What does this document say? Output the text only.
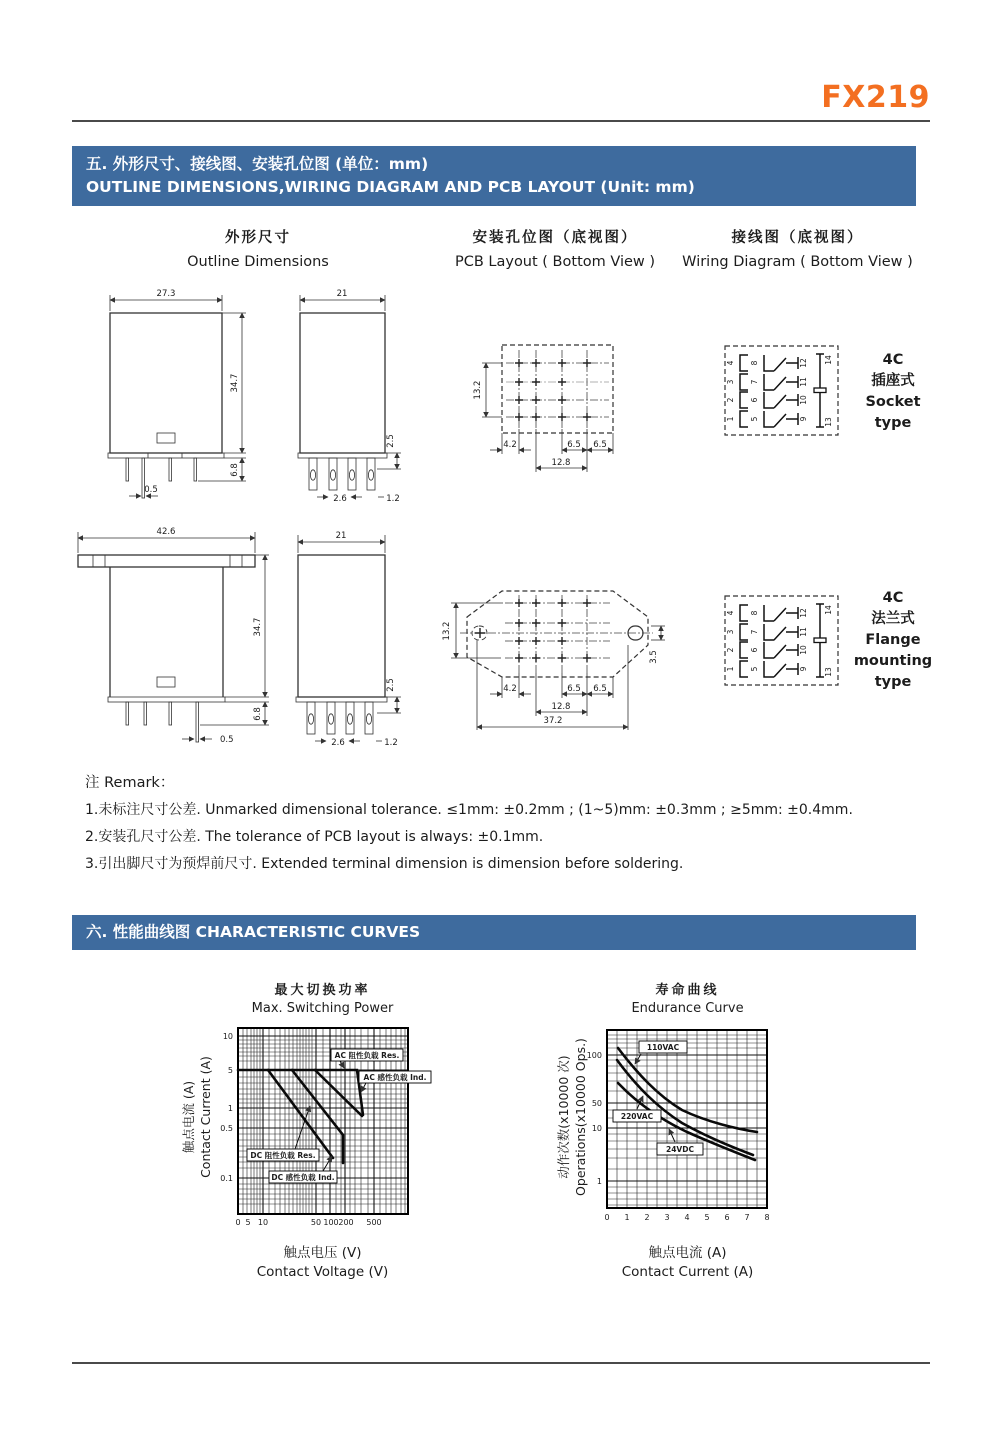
FX219
五. 外形尺寸、接线图、安装孔位图 (单位：mm)
OUTLINE DIMENSIONS,WIRING DIAGRAM AND PCB LAYOUT (Unit: mm)
外形尺寸
Outline Dimensions
安装孔位图（底视图）
PCB Layout ( Bottom View )
接线图（底视图）
Wiring Diagram ( Bottom View )
27.3
34.7
6.8
0.5
21
2.5
2.6	1.2
13.2
4.2	6.5 6.5
12.8
4 8	12
3 7	11
2 6	10
1 5	9
14
13
4C
插座式
Socket
type
42.6
34.7
6.8
0.5
21
2.5
2.6	1.2
13.2
3.5
4.2	6.5 6.5
12.8
37.2
4 8	12
3 7	11
2 6	10
1 5	9
14
13
4C
法兰式
Flange
mounting
type
注 Remark：
1.未标注尺寸公差. Unmarked dimensional tolerance. ≤1mm: ±0.2mm ; (1~5)mm: ±0.3mm ; ≥5mm: ±0.4mm.
2.安装孔尺寸公差. The tolerance of PCB layout is always: ±0.1mm.
3.引出脚尺寸为预焊前尺寸. Extended terminal dimension is dimension before soldering.
六. 性能曲线图 CHARACTERISTIC CURVES
最大切换功率
Max. Switching Power
AC 阻性负载 Res.
AC 感性负载 Ind.
DC 阻性负载 Res.
DC 感性负载 Ind.
0 5 10	50 100 200 500
10
5
1
0.5
0.1
触点电流 (A) Contact Current (A)
触点电压 (V)
Contact Voltage (V)
寿命曲线
Endurance Curve
110VAC
220VAC
24VDC
0 1 2 3 4 5 6 7 8
100
50
10
1
动作次数(x10000 次) Operations(x10000 Ops.)
触点电流 (A)
Contact Current (A)
